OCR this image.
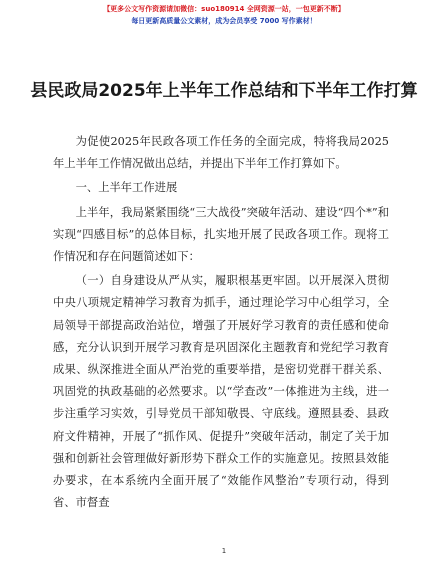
【更多公文写作资源请加微信：suo180914 全网资源一站，一包更新不断】
每日更新高质量公文素材，成为会员享受 7000 写作素材！
县民政局2025年上半年工作总结和下半年工作打算

为促使2025年民政各项工作任务的全面完成，特将我局2025年上半年工作情况做出总结，并提出下半年工作打算如下。

一、上半年工作进展

上半年，我局紧紧围绕“三大战役”突破年活动、建设“四个*”和实现“四感目标”的总体目标，扎实地开展了民政各项工作。现将工作情况和存在问题简述如下：

（一）自身建设从严从实，履职根基更牢固。以开展深入贯彻中央八项规定精神学习教育为抓手，通过理论学习中心组学习，全局领导干部提高政治站位，增强了开展好学习教育的责任感和使命感，充分认识到开展学习教育是巩固深化主题教育和党纪学习教育成果、纵深推进全面从严治党的重要举措，是密切党群干群关系、巩固党的执政基础的必然要求。以“学查改”一体推进为主线，进一步注重学习实效，引导党员干部知敬畏、守底线。遵照县委、县政府文件精神，开展了“抓作风、促提升”突破年活动，制定了关于加强和创新社会管理做好新形势下群众工作的实施意见。按照县效能办要求，在本系统内全面开展了“效能作风整治”专项行动，得到省、市督查

1
